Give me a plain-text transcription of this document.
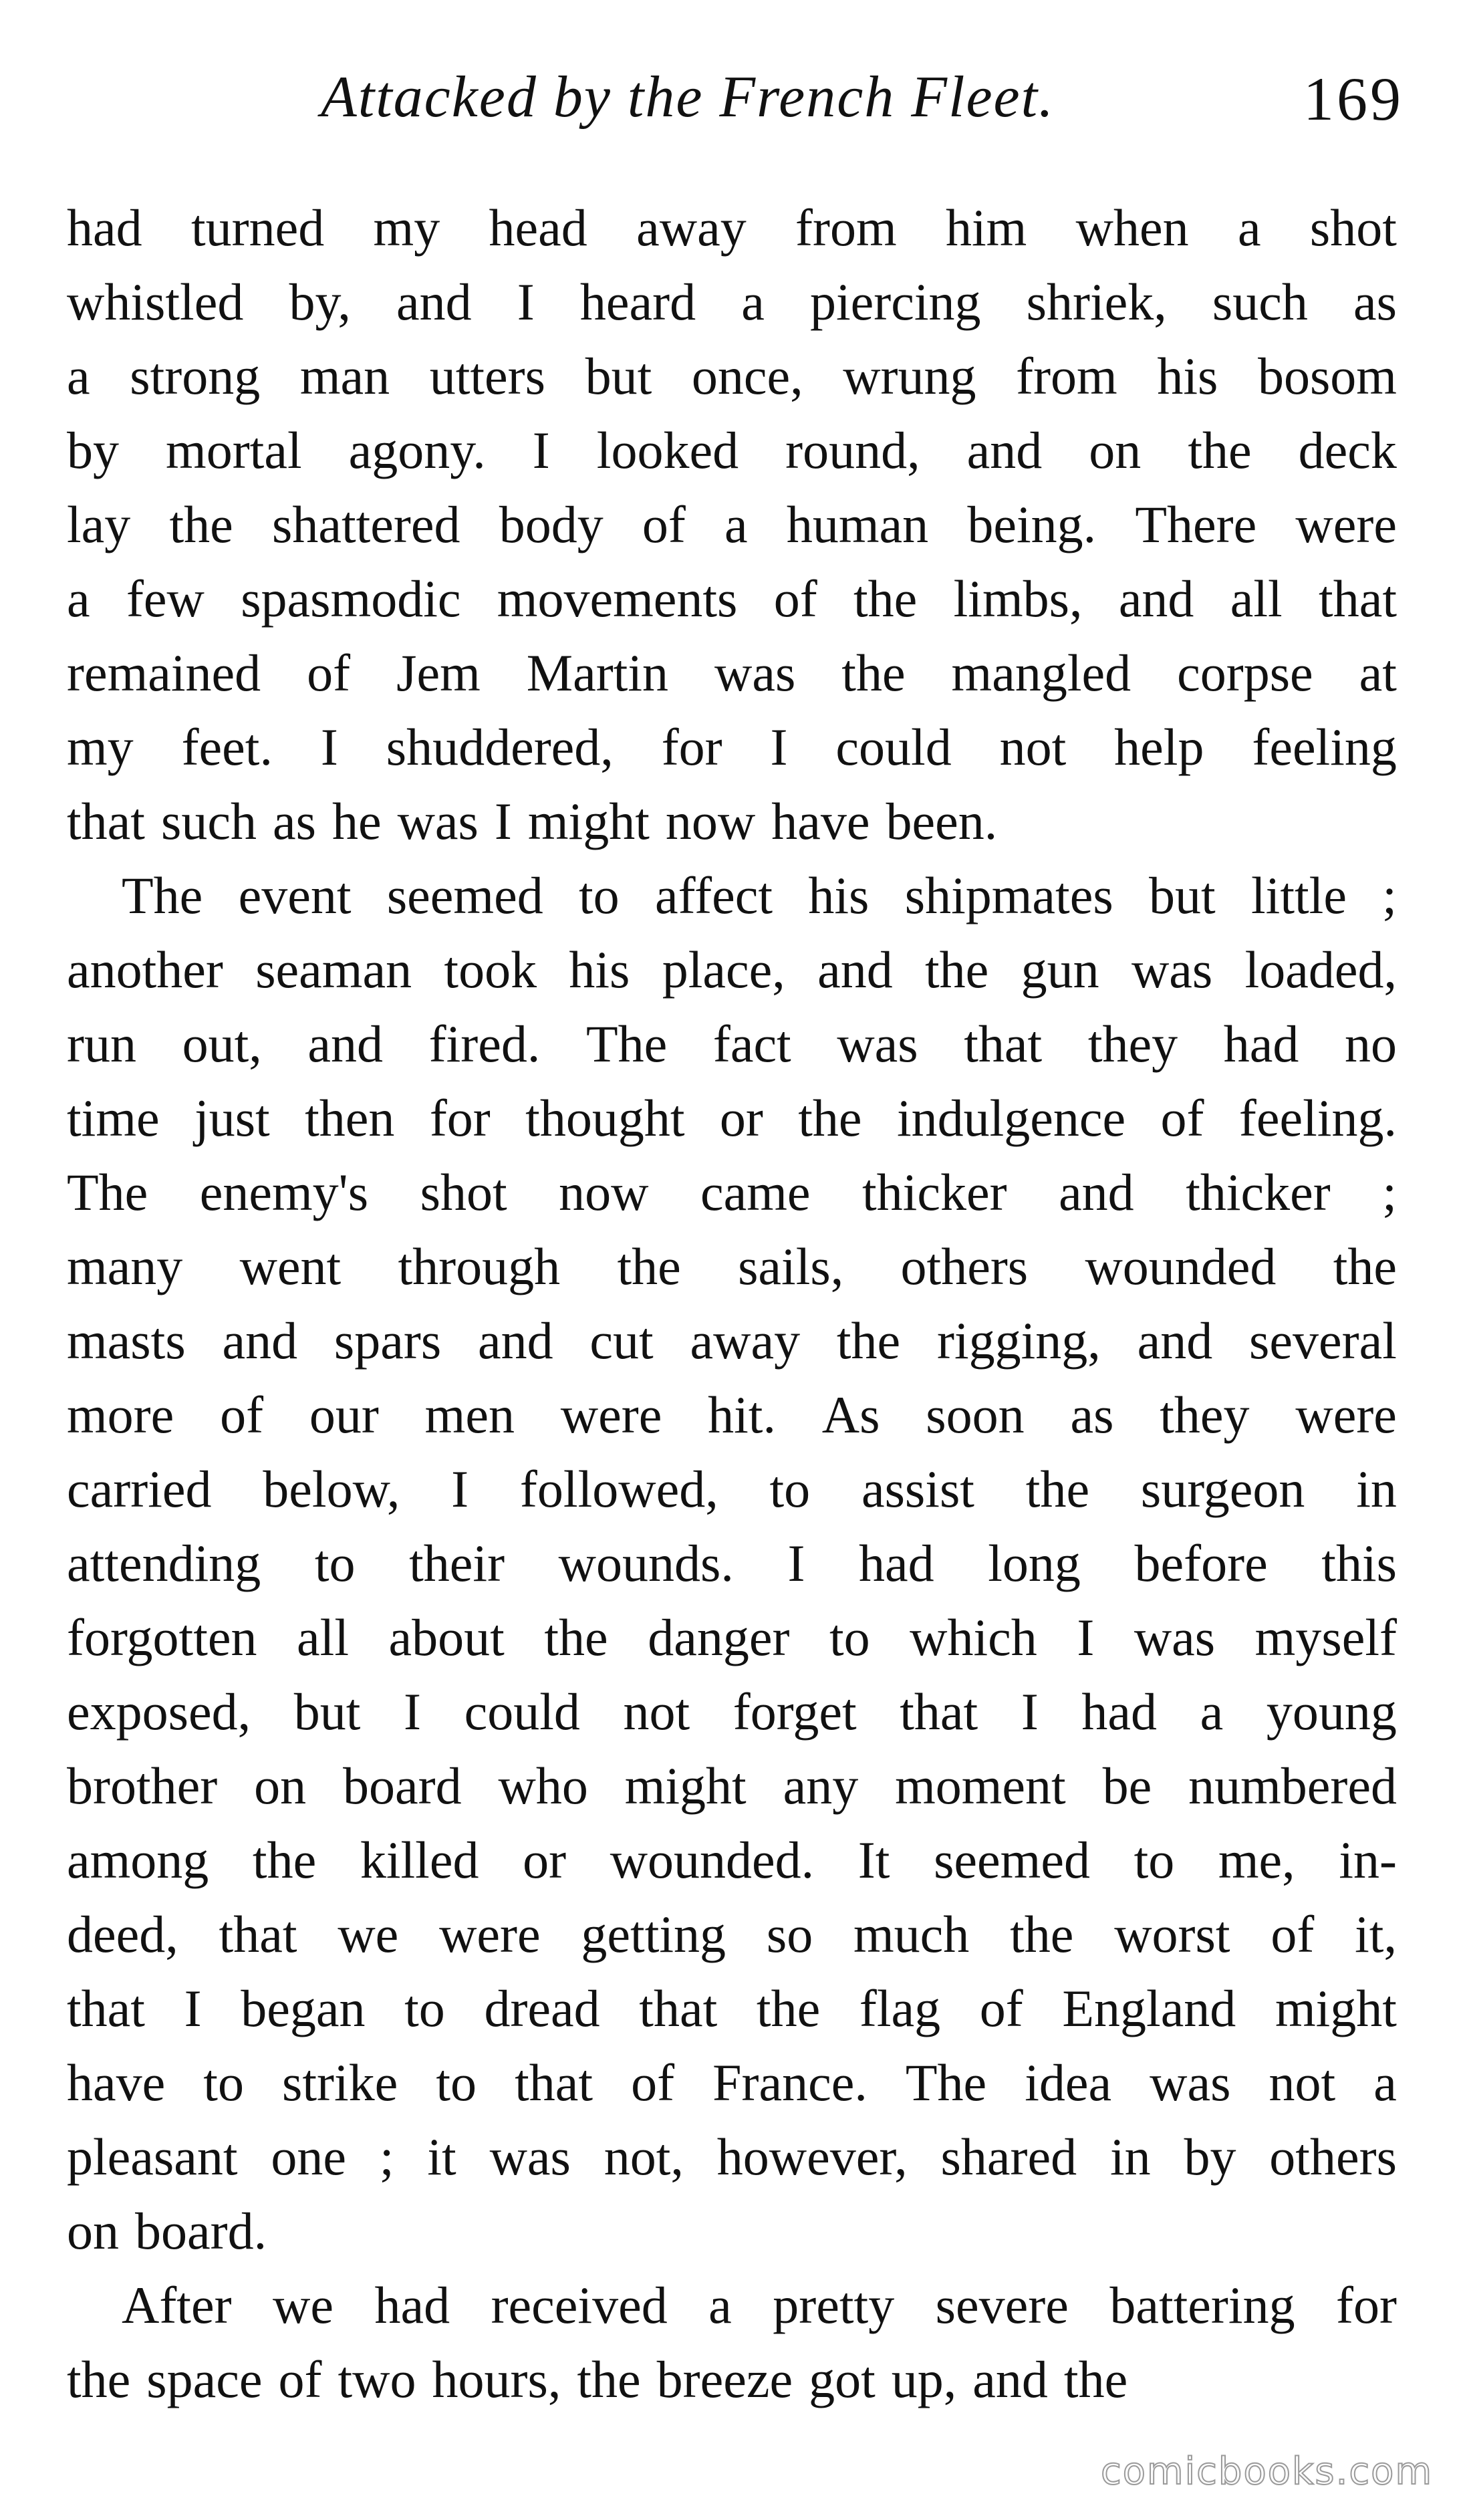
Attacked by the French Fleet.	169
had turned my head away from him when a shot
whistled by, and I heard a piercing shriek, such as
a strong man utters but once, wrung from his bosom
by mortal agony. I looked round, and on the deck
lay the shattered body of a human being. There were
a few spasmodic movements of the limbs, and all that
remained of Jem Martin was the mangled corpse at
my feet. I shuddered, for I could not help feeling
that such as he was I might now have been.
The event seemed to affect his shipmates but little ;
another seaman took his place, and the gun was loaded,
run out, and fired. The fact was that they had no
time just then for thought or the indulgence of feeling.
The enemy's shot now came thicker and thicker ;
many went through the sails, others wounded the
masts and spars and cut away the rigging, and several
more of our men were hit. As soon as they were
carried below, I followed, to assist the surgeon in
attending to their wounds. I had long before this
forgotten all about the danger to which I was myself
exposed, but I could not forget that I had a young
brother on board who might any moment be numbered
among the killed or wounded. It seemed to me, in-
deed, that we were getting so much the worst of it,
that I began to dread that the flag of England might
have to strike to that of France. The idea was not a
pleasant one ; it was not, however, shared in by others
on board.
After we had received a pretty severe battering for
the space of two hours, the breeze got up, and the
comicbooks.com
